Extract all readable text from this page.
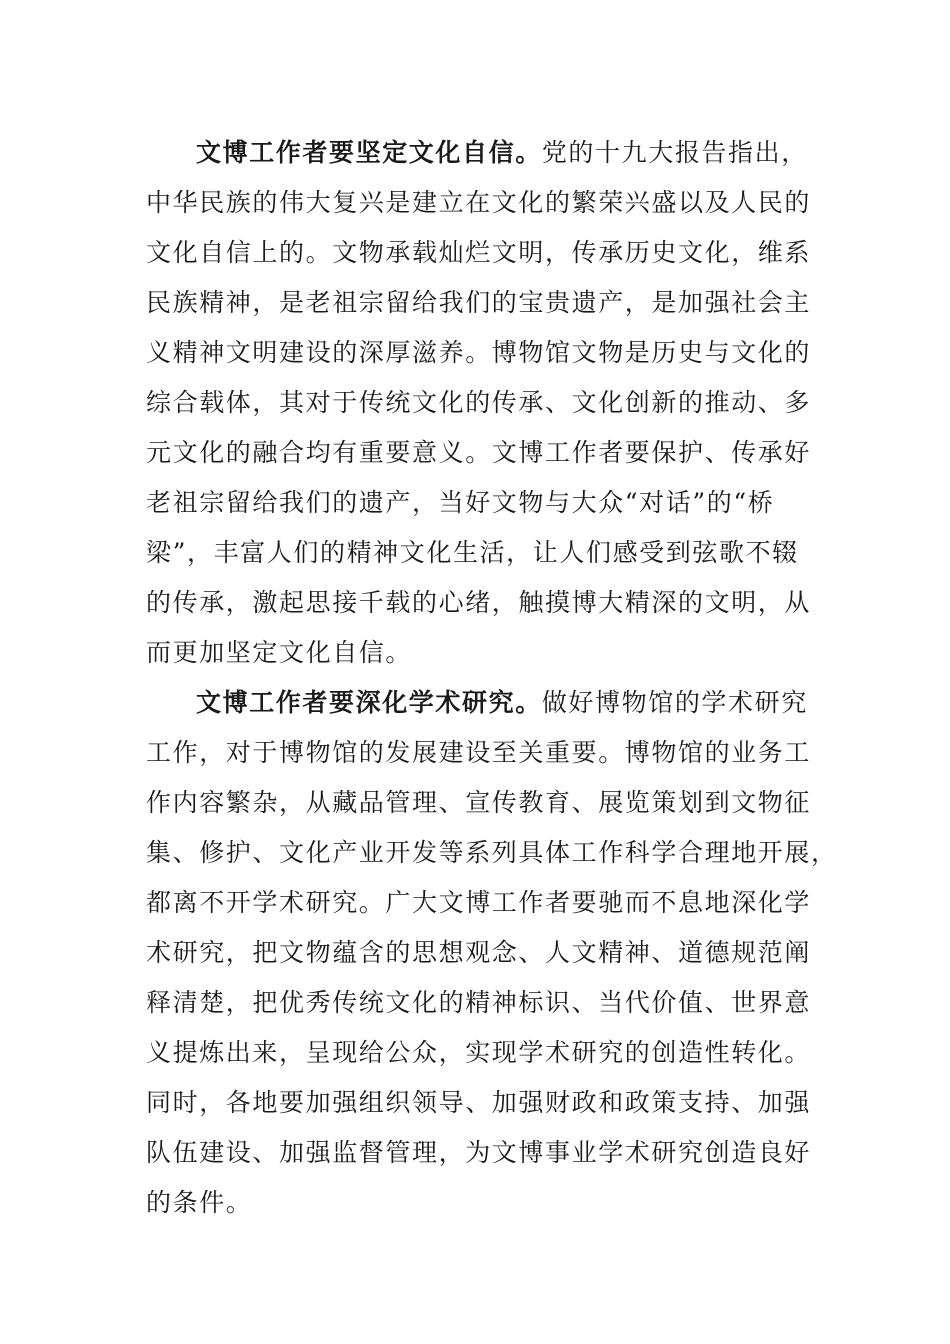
文博工作者要坚定文化自信。党的十九大报告指出，
中华民族的伟大复兴是建立在文化的繁荣兴盛以及人民的
文化自信上的。文物承载灿烂文明，传承历史文化，维系
民族精神，是老祖宗留给我们的宝贵遗产，是加强社会主
义精神文明建设的深厚滋养。博物馆文物是历史与文化的
综合载体，其对于传统文化的传承、文化创新的推动、多
元文化的融合均有重要意义。文博工作者要保护、传承好
老祖宗留给我们的遗产，当好文物与大众“对话”的“桥
梁”，丰富人们的精神文化生活，让人们感受到弦歌不辍
的传承，激起思接千载的心绪，触摸博大精深的文明，从
而更加坚定文化自信。

文博工作者要深化学术研究。做好博物馆的学术研究
工作，对于博物馆的发展建设至关重要。博物馆的业务工
作内容繁杂，从藏品管理、宣传教育、展览策划到文物征
集、修护、文化产业开发等系列具体工作科学合理地开展，
都离不开学术研究。广大文博工作者要驰而不息地深化学
术研究，把文物蕴含的思想观念、人文精神、道德规范阐
释清楚，把优秀传统文化的精神标识、当代价值、世界意
义提炼出来，呈现给公众，实现学术研究的创造性转化。
同时，各地要加强组织领导、加强财政和政策支持、加强
队伍建设、加强监督管理，为文博事业学术研究创造良好
的条件。
